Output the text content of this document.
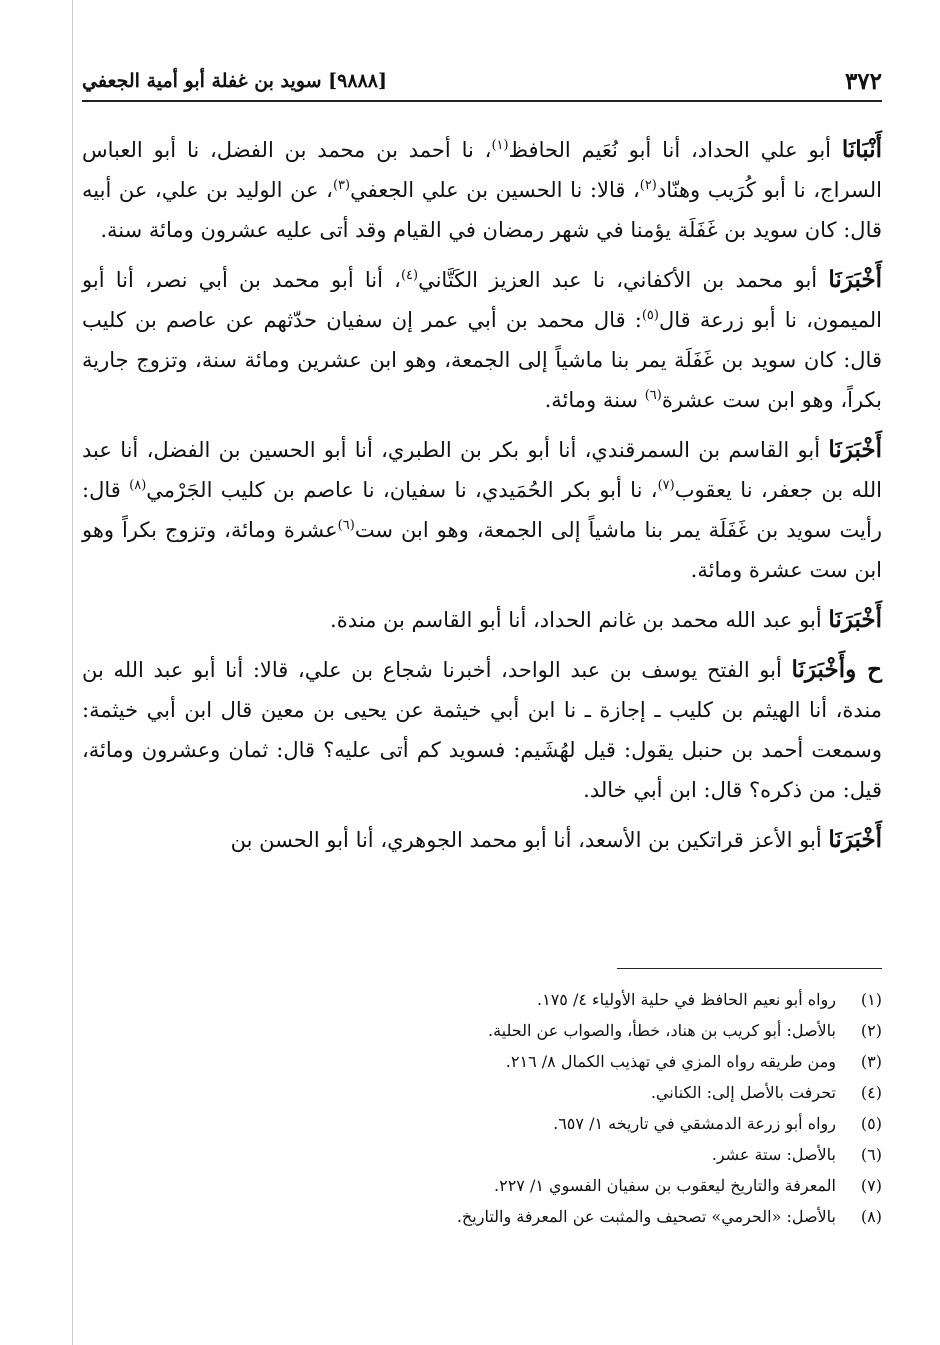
٣٧٢
[٩٨٨٨] سويد بن غفلة أبو أمية الجعفي

أَنْبَانَا أبو علي الحداد، أنا أبو نُعَيم الحافظ$^{(١)}$، نا أحمد بن محمد بن الفضل، نا أبو العباس السراج، نا أبو كُرَيب وهنّاد$^{(٢)}$، قالا: نا الحسين بن علي الجعفي$^{(٣)}$، عن الوليد بن علي، عن أبيه قال: كان سويد بن غَفَلَة يؤمنا في شهر رمضان في القيام وقد أتى عليه عشرون ومائة سنة.

أَخْبَرَنَا أبو محمد بن الأكفاني، نا عبد العزيز الكَتَّاني$^{(٤)}$، أنا أبو محمد بن أبي نصر، أنا أبو الميمون، نا أبو زرعة قال$^{(٥)}$: قال محمد بن أبي عمر إن سفيان حدّثهم عن عاصم بن كليب قال: كان سويد بن غَفَلَة يمر بنا ماشياً إلى الجمعة، وهو ابن عشرين ومائة سنة، وتزوج جارية بكراً، وهو ابن ست عشرة$^{(٦)}$ سنة ومائة.

أَخْبَرَنَا أبو القاسم بن السمرقندي، أنا أبو بكر بن الطبري، أنا أبو الحسين بن الفضل، أنا عبد الله بن جعفر، نا يعقوب$^{(٧)}$، نا أبو بكر الحُمَيدي، نا سفيان، نا عاصم بن كليب الجَرْمي$^{(٨)}$ قال: رأيت سويد بن غَفَلَة يمر بنا ماشياً إلى الجمعة، وهو ابن ست$^{(٦)}$عشرة ومائة، وتزوج بكراً وهو ابن ست عشرة ومائة.

أَخْبَرَنَا أبو عبد الله محمد بن غانم الحداد، أنا أبو القاسم بن مندة.

ح وأَخْبَرَنَا أبو الفتح يوسف بن عبد الواحد، أخبرنا شجاع بن علي، قالا: أنا أبو عبد الله بن مندة، أنا الهيثم بن كليب ـ إجازة ـ نا ابن أبي خيثمة عن يحيى بن معين قال ابن أبي خيثمة: وسمعت أحمد بن حنبل يقول: قيل لهُشَيم: فسويد كم أتى عليه؟ قال: ثمان وعشرون ومائة، قيل: من ذكره؟ قال: ابن أبي خالد.

أَخْبَرَنَا أبو الأعز قراتكين بن الأسعد، أنا أبو محمد الجوهري، أنا أبو الحسن بن

(١)
رواه أبو نعيم الحافظ في حلية الأولياء ٤/ ١٧٥.
(٢)
بالأصل: أبو كريب بن هناد، خطأ، والصواب عن الحلية.
(٣)
ومن طريقه رواه المزي في تهذيب الكمال ٨/ ٢١٦.
(٤)
تحرفت بالأصل إلى: الكناني.
(٥)
رواه أبو زرعة الدمشقي في تاريخه ١/ ٦٥٧.
(٦)
بالأصل: ستة عشر.
(٧)
المعرفة والتاريخ ليعقوب بن سفيان الفسوي ١/ ٢٢٧.
(٨)
بالأصل: «الحرمي» تصحيف والمثبت عن المعرفة والتاريخ.
